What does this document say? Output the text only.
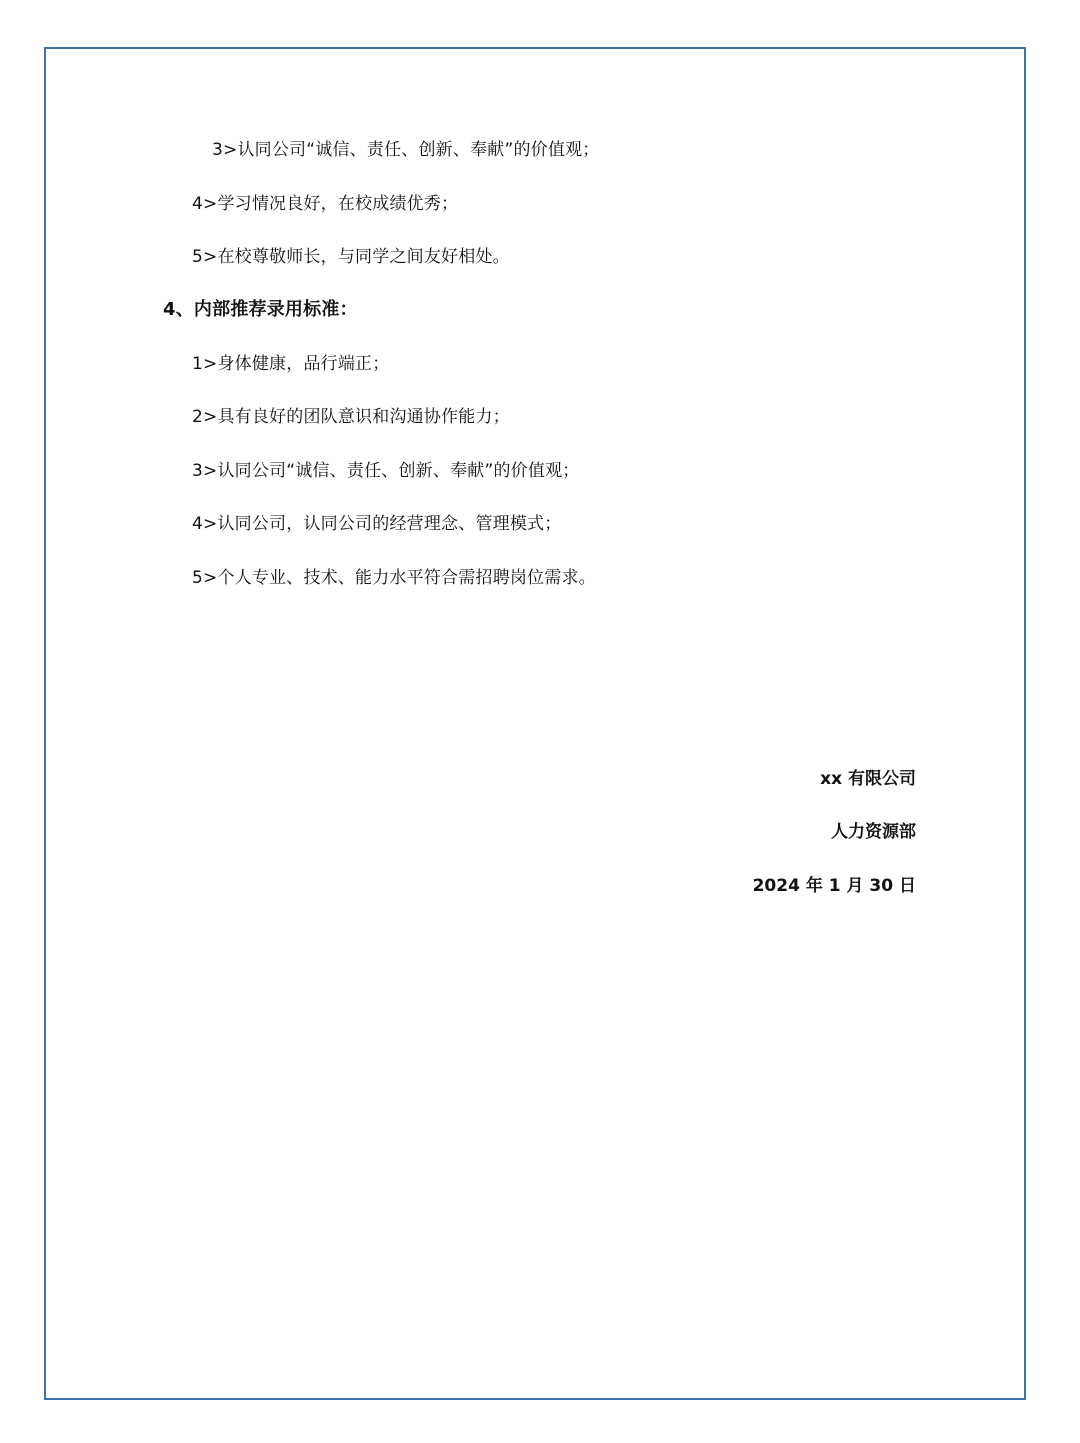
3>认同公司“诚信、责任、创新、奉献”的价值观；
4>学习情况良好，在校成绩优秀；
5>在校尊敬师长，与同学之间友好相处。
4、内部推荐录用标准：
1>身体健康，品行端正；
2>具有良好的团队意识和沟通协作能力；
3>认同公司“诚信、责任、创新、奉献”的价值观；
4>认同公司，认同公司的经营理念、管理模式；
5>个人专业、技术、能力水平符合需招聘岗位需求。
xx 有限公司
人力资源部
2024 年 1 月 30 日
